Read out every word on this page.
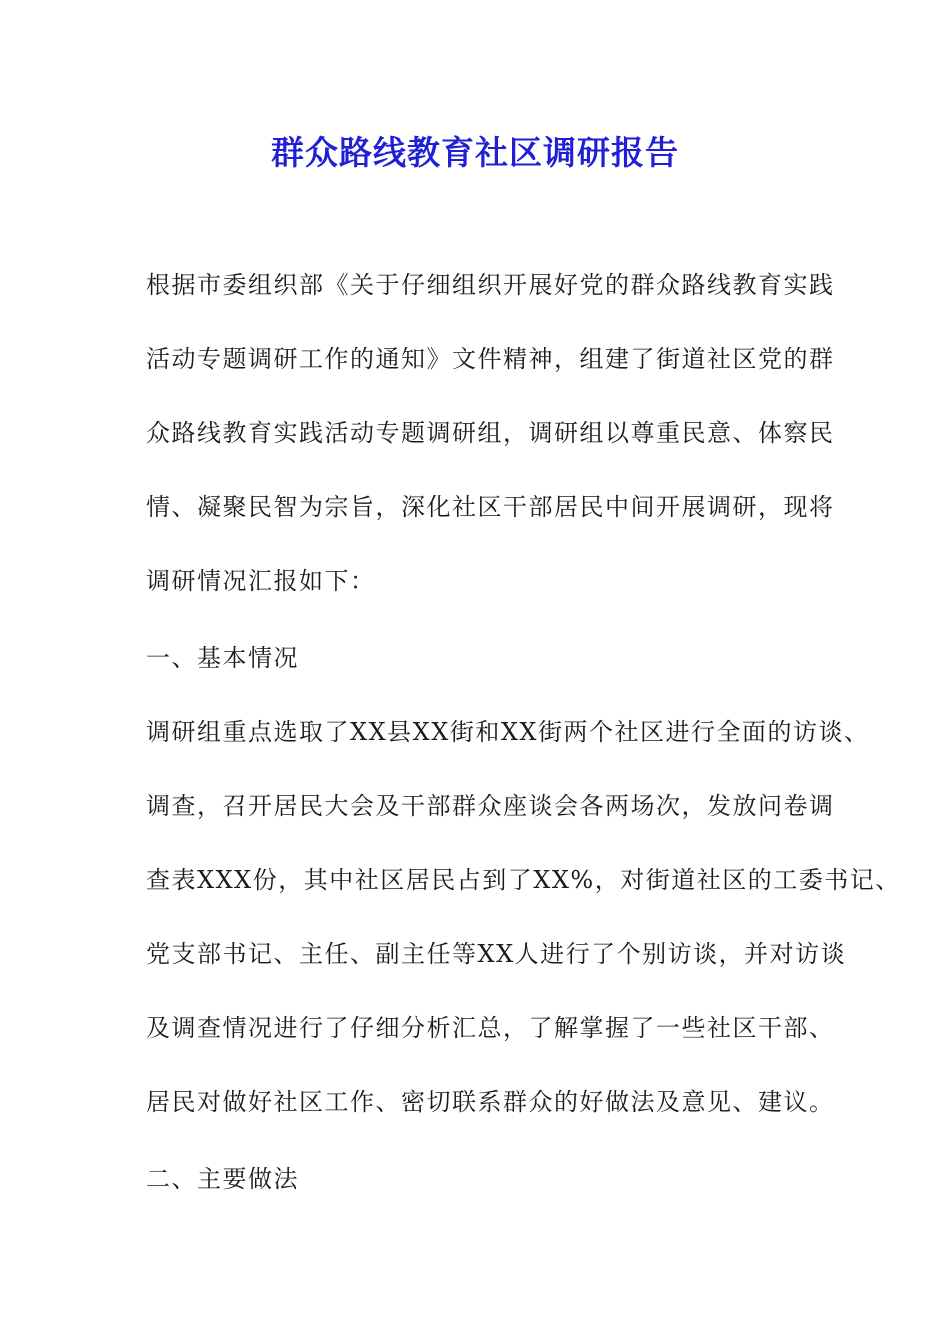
群众路线教育社区调研报告
根据市委组织部《关于仔细组织开展好党的群众路线教育实践
活动专题调研工作的通知》文件精神，组建了街道社区党的群
众路线教育实践活动专题调研组，调研组以尊重民意、体察民
情、凝聚民智为宗旨，深化社区干部居民中间开展调研，现将
调研情况汇报如下：
一、基本情况
调研组重点选取了XX县XX街和XX街两个社区进行全面的访谈、
调查，召开居民大会及干部群众座谈会各两场次，发放问卷调
查表XXX份，其中社区居民占到了XX%，对街道社区的工委书记、
党支部书记、主任、副主任等XX人进行了个别访谈，并对访谈
及调查情况进行了仔细分析汇总，了解掌握了一些社区干部、
居民对做好社区工作、密切联系群众的好做法及意见、建议。
二、主要做法
